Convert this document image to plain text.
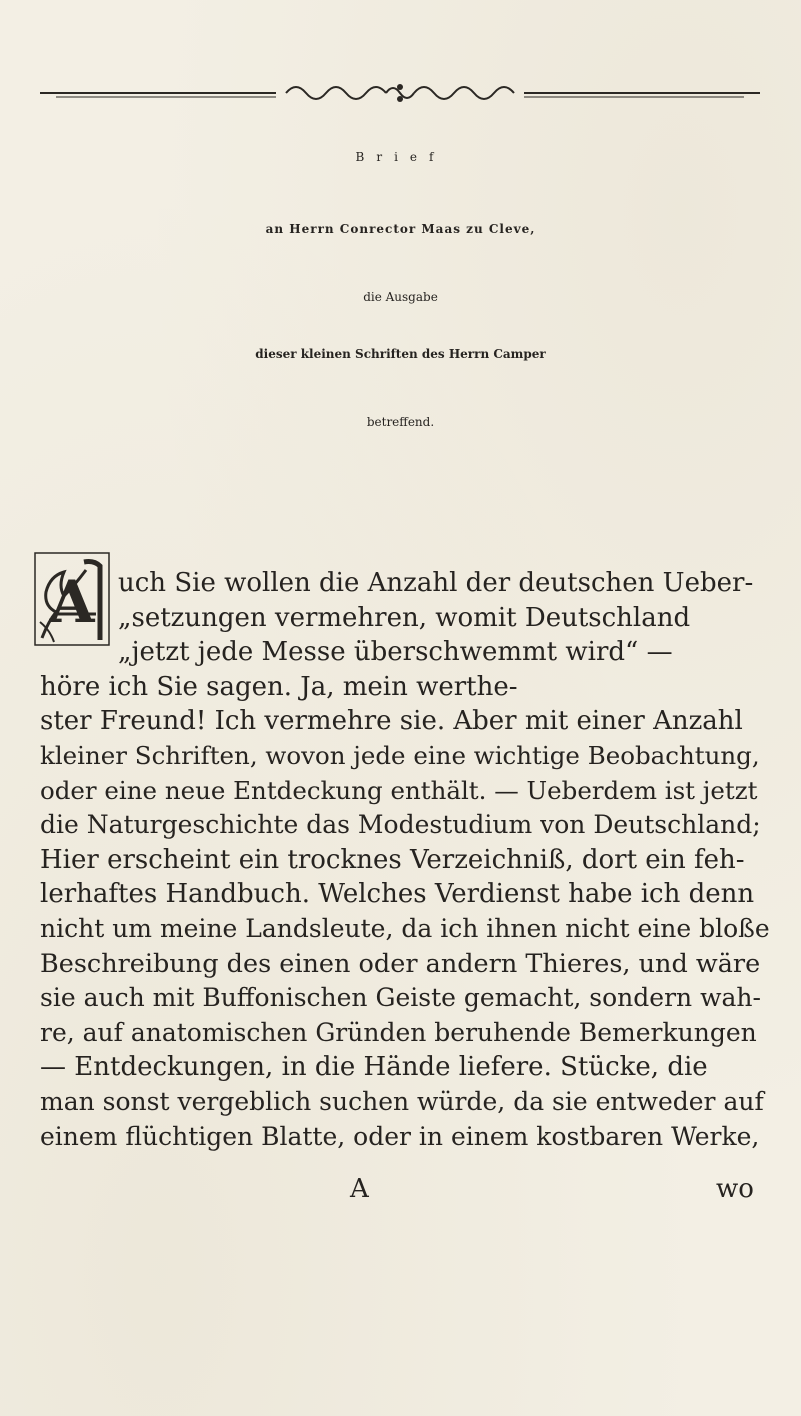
Brief
an Herrn Conrector Maas zu Cleve,

die Ausgabe

dieser kleinen Schriften des Herrn Camper

betreffend.

A uch Sie wollen die Anzahl der deutschen Ueber-

„setzungen vermehren, womit Deutschland

„jetzt jede Messe überschwemmt wird“ —

höre ich Sie sagen. Ja, mein werthe-

ster Freund! Ich vermehre sie. Aber mit einer Anzahl

kleiner Schriften, wovon jede eine wichtige Beobachtung,

oder eine neue Entdeckung enthält. — Ueberdem ist jetzt

die Naturgeschichte das Modestudium von Deutschland;

Hier erscheint ein trocknes Verzeichniß, dort ein feh-

lerhaftes Handbuch. Welches Verdienst habe ich denn

nicht um meine Landsleute, da ich ihnen nicht eine bloße

Beschreibung des einen oder andern Thieres, und wäre

sie auch mit Buffonischen Geiste gemacht, sondern wah-

re, auf anatomischen Gründen beruhende Bemerkungen

— Entdeckungen, in die Hände liefere. Stücke, die

man sonst vergeblich suchen würde, da sie entweder auf

einem flüchtigen Blatte, oder in einem kostbaren Werke,

A	wo
